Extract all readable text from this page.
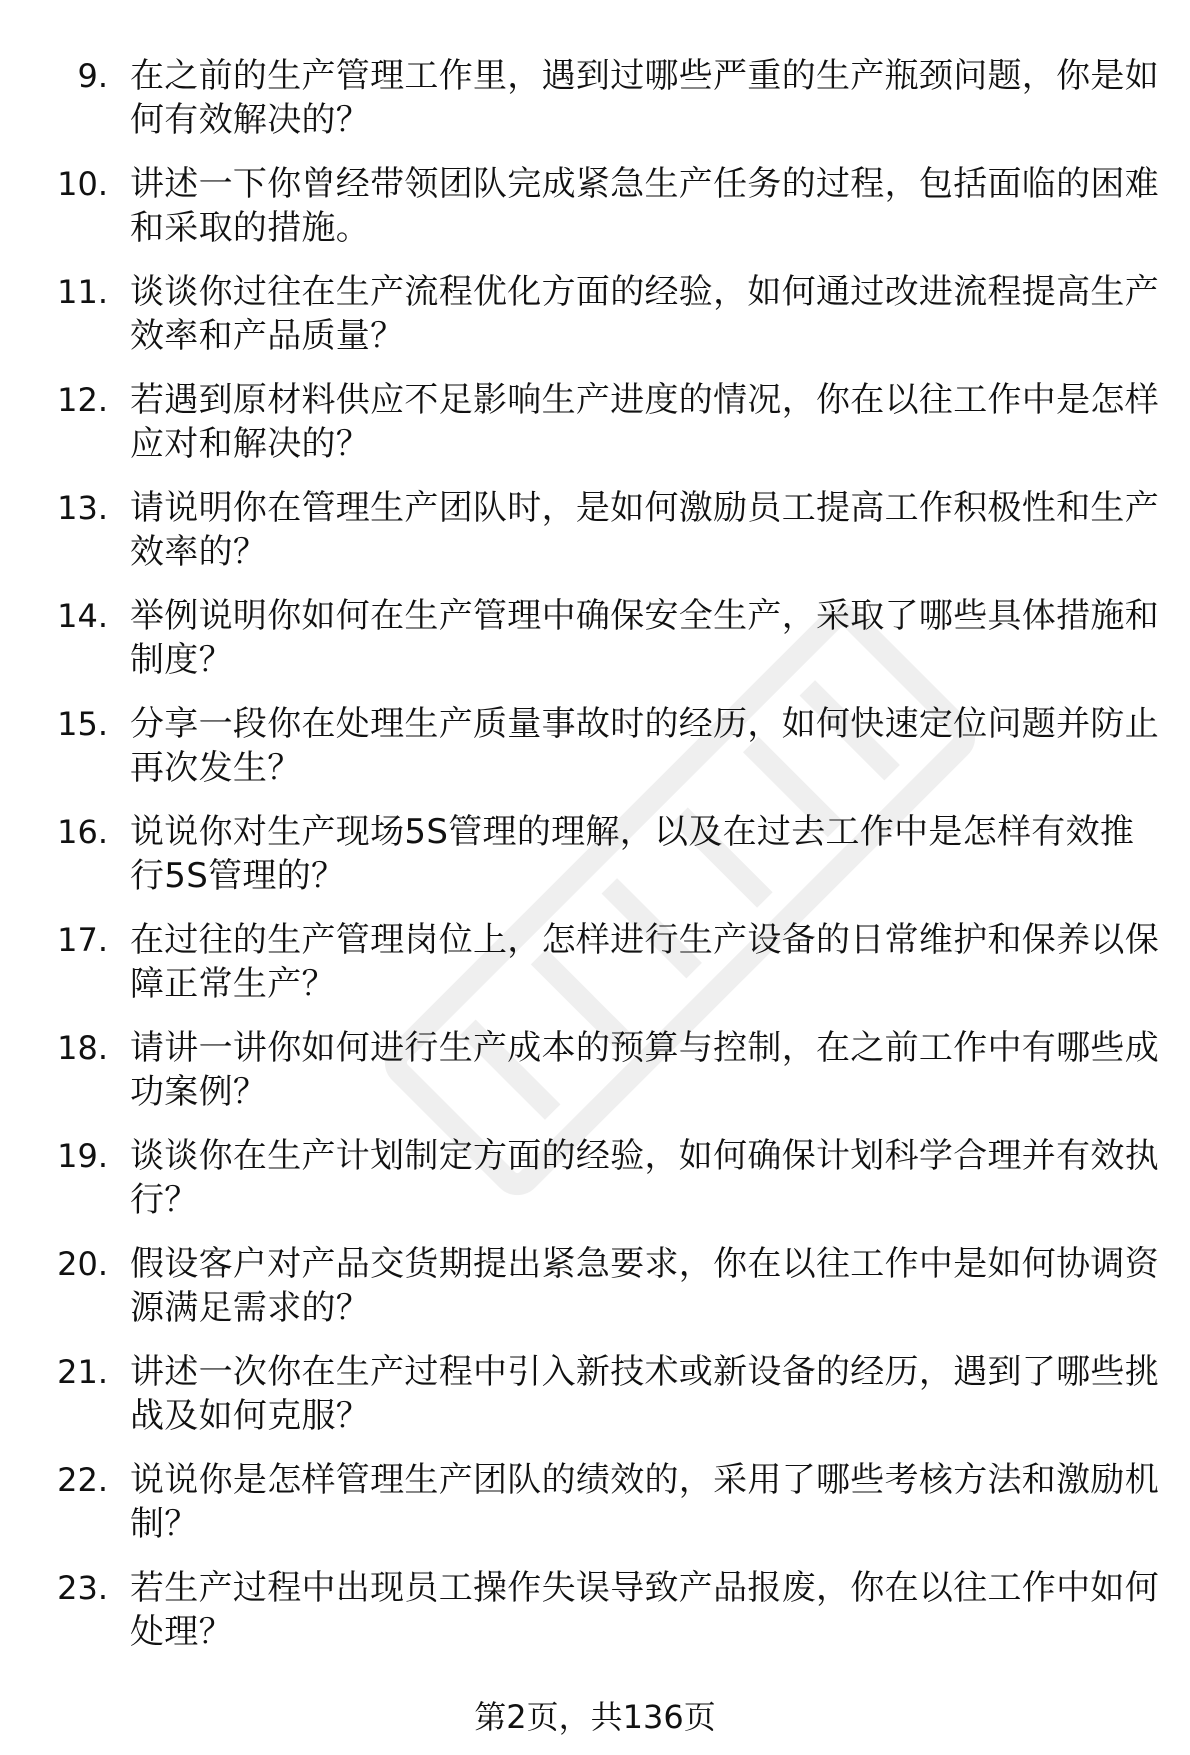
9. 在之前的生产管理工作里，遇到过哪些严重的生产瓶颈问题，你是如何有效解决的？
10. 讲述一下你曾经带领团队完成紧急生产任务的过程，包括面临的困难和采取的措施。
11. 谈谈你过往在生产流程优化方面的经验，如何通过改进流程提高生产效率和产品质量？
12. 若遇到原材料供应不足影响生产进度的情况，你在以往工作中是怎样应对和解决的？
13. 请说明你在管理生产团队时，是如何激励员工提高工作积极性和生产效率的？
14. 举例说明你如何在生产管理中确保安全生产，采取了哪些具体措施和制度？
15. 分享一段你在处理生产质量事故时的经历，如何快速定位问题并防止再次发生？
16. 说说你对生产现场5S管理的理解，以及在过去工作中是怎样有效推行5S管理的？
17. 在过往的生产管理岗位上，怎样进行生产设备的日常维护和保养以保障正常生产？
18. 请讲一讲你如何进行生产成本的预算与控制，在之前工作中有哪些成功案例？
19. 谈谈你在生产计划制定方面的经验，如何确保计划科学合理并有效执行？
20. 假设客户对产品交货期提出紧急要求，你在以往工作中是如何协调资源满足需求的？
21. 讲述一次你在生产过程中引入新技术或新设备的经历，遇到了哪些挑战及如何克服？
22. 说说你是怎样管理生产团队的绩效的，采用了哪些考核方法和激励机制？
23. 若生产过程中出现员工操作失误导致产品报废，你在以往工作中如何处理？
第2页，共136页
